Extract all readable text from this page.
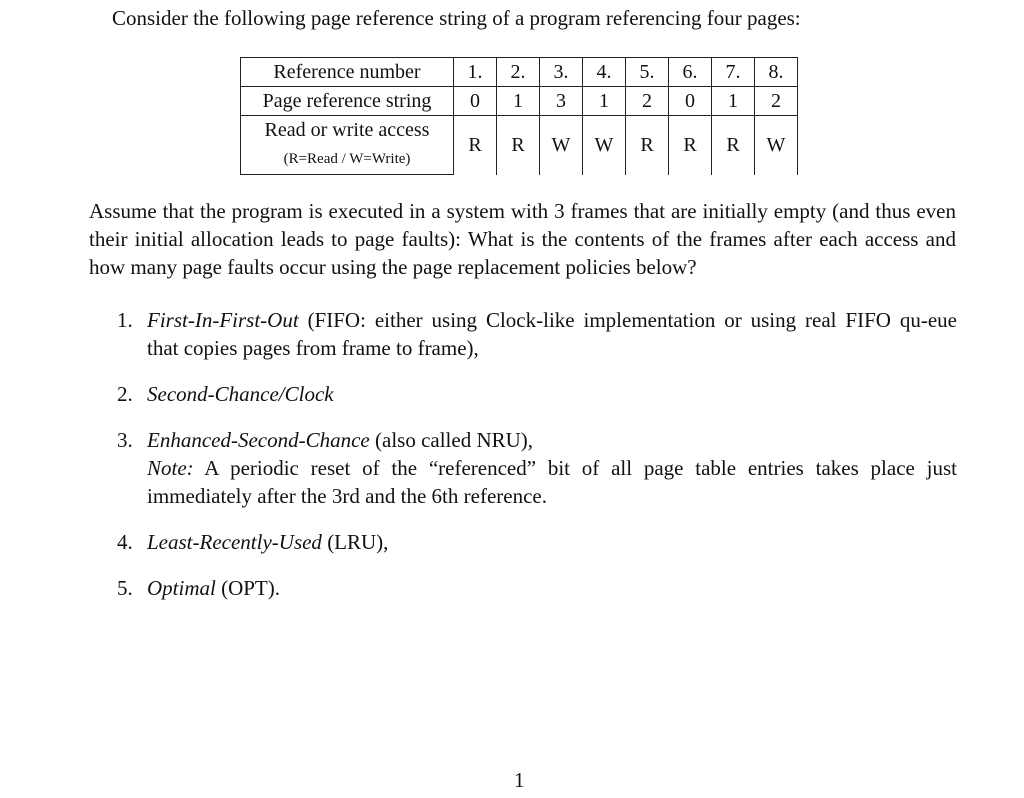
Consider the following page reference string of a program referencing four pages:

Reference number	1.	2.	3.	4.	5.	6.	7.	8.
Page reference string	0	1	3	1	2	0	1	2
Read or write access	R	R	W	W	R	R	R	W
(R=Read / W=Write)								

Assume that the program is executed in a system with 3 frames that are initially empty (and thus even their initial allocation leads to page faults): What is the contents of the frames after each access and how many page faults occur using the page replacement policies below?

1. First-In-First-Out (FIFO: either using Clock-like implementation or using real FIFO qu-eue that copies pages from frame to frame),
2. Second-Chance/Clock
3. Enhanced-Second-Chance (also called NRU),
Note: A periodic reset of the “referenced” bit of all page table entries takes place just immediately after the 3rd and the 6th reference.
4. Least-Recently-Used (LRU),
5. Optimal (OPT).
1
